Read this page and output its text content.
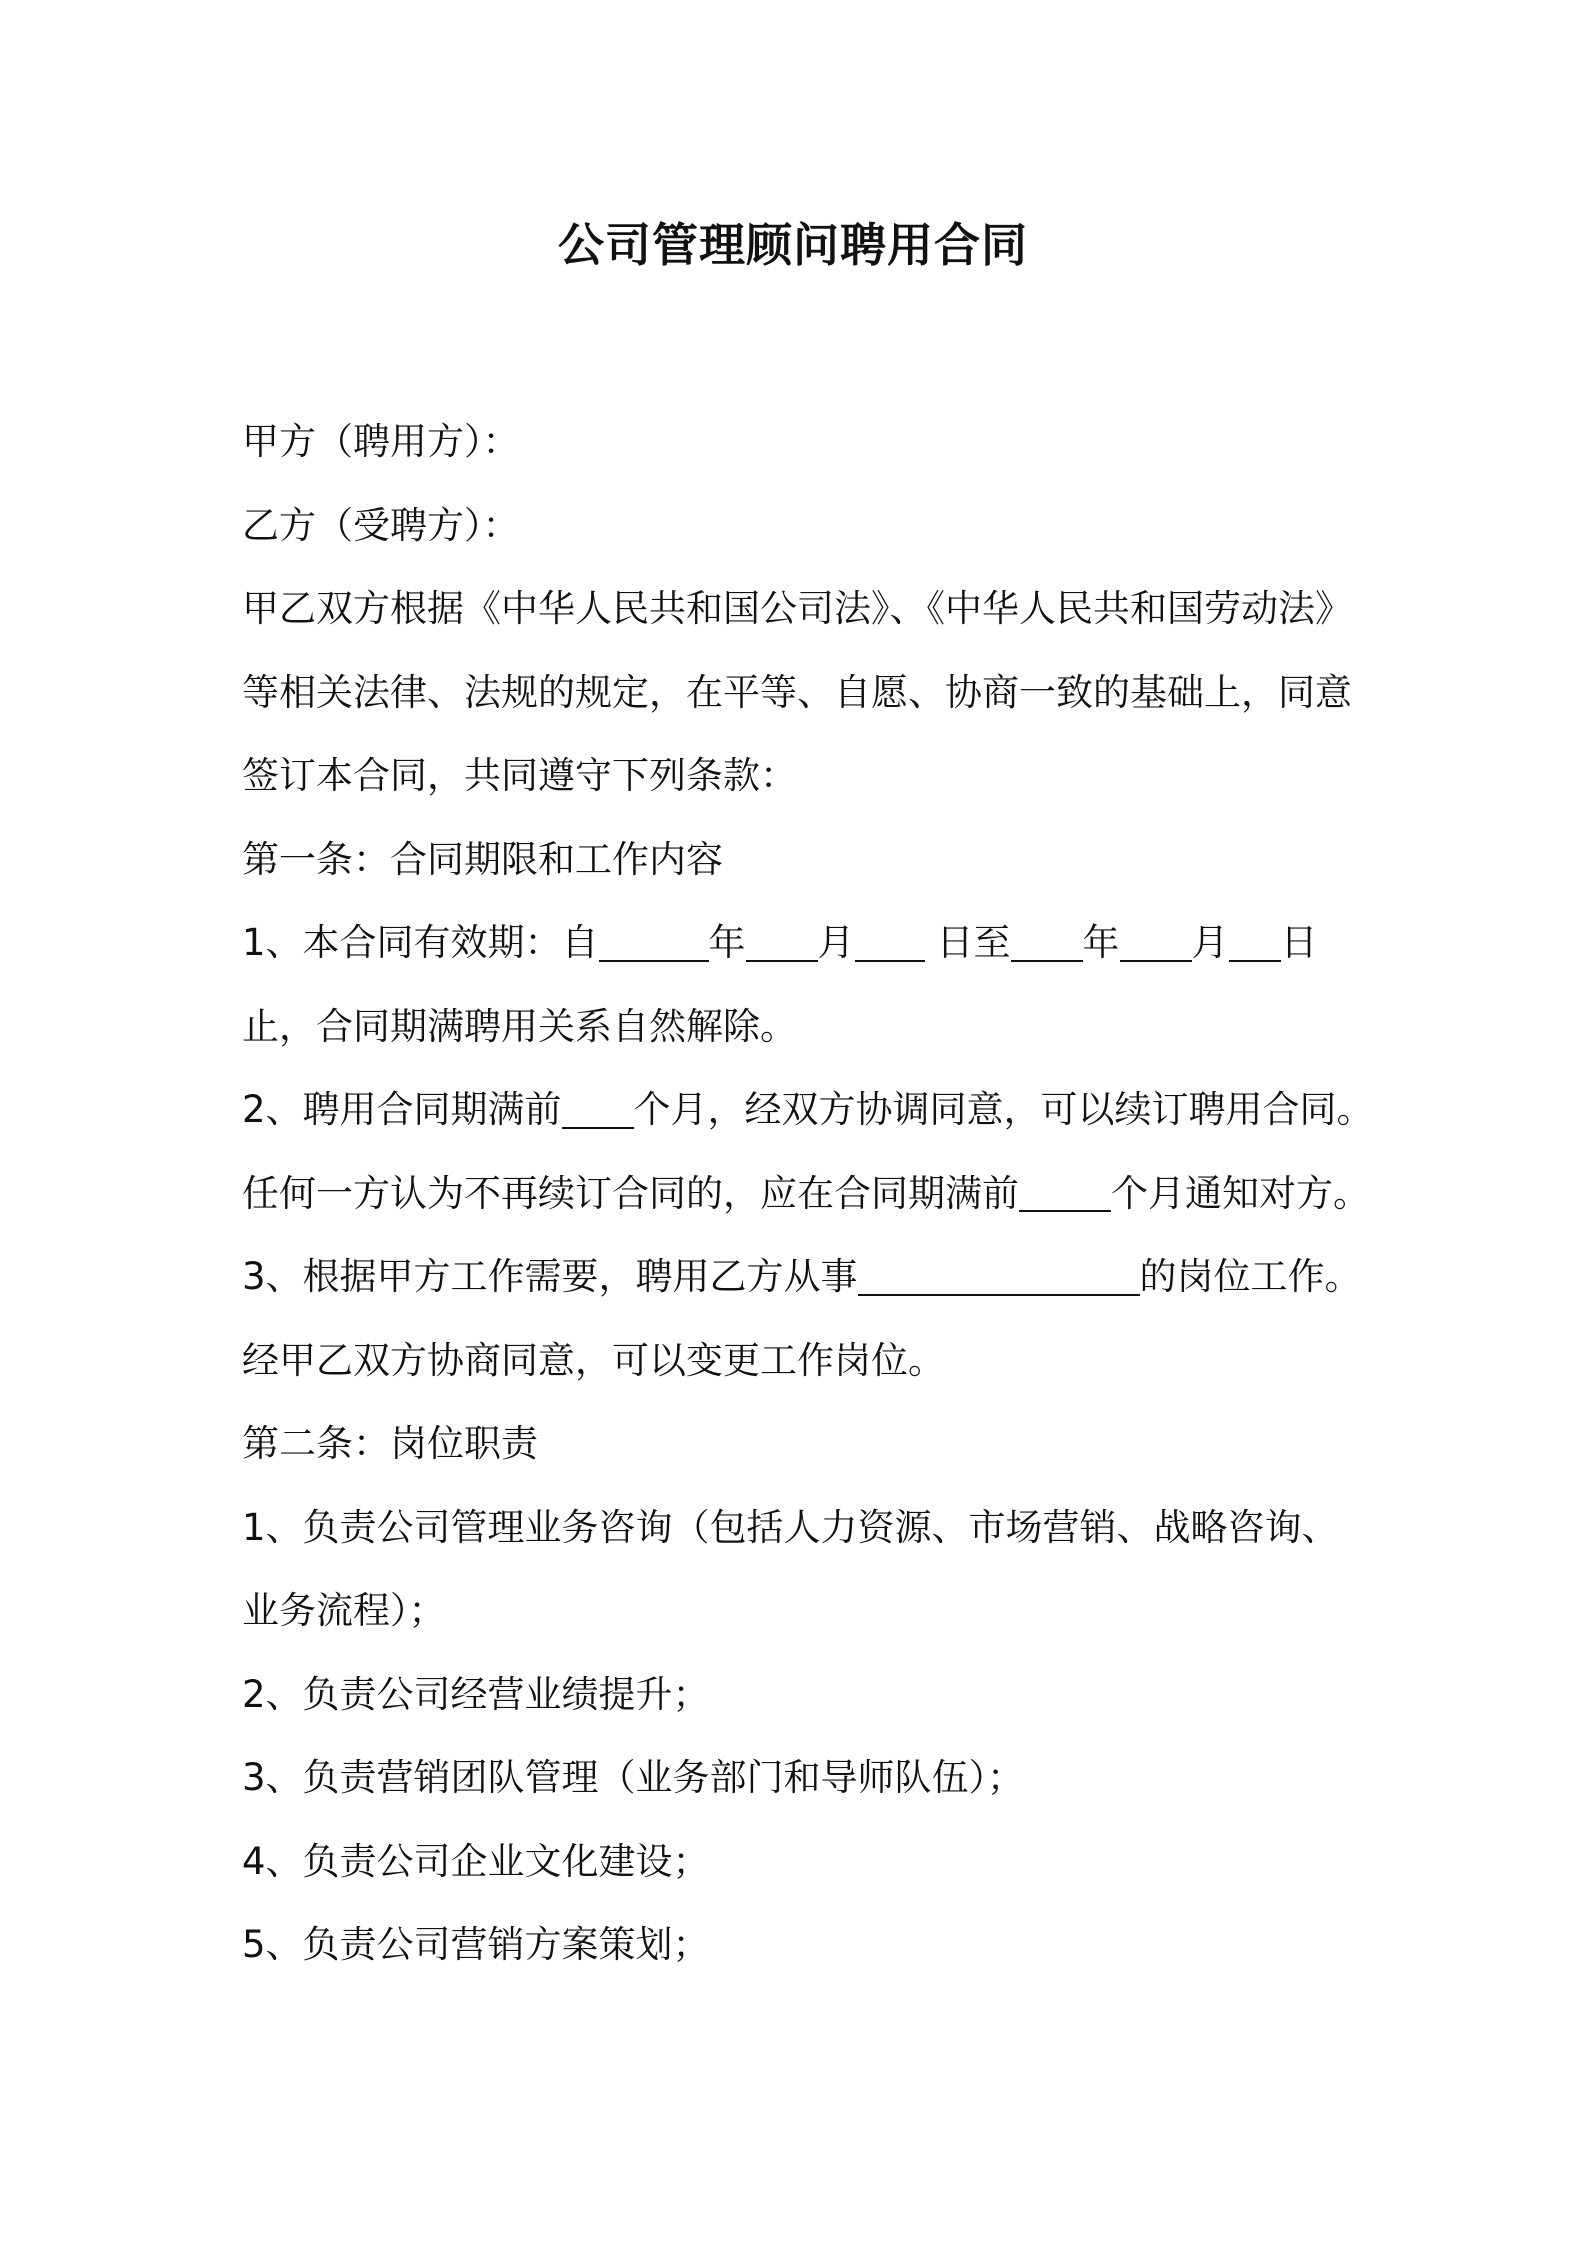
公司管理顾问聘用合同
甲方（聘用方）：
乙方（受聘方）：
甲乙双方根据《中华人民共和国公司法》、《中华人民共和国劳动法》
等相关法律、法规的规定，在平等、自愿、协商一致的基础上，同意
签订本合同，共同遵守下列条款：
第一条：合同期限和工作内容
1、本合同有效期：自	年 月 日至 年 月 日
止，合同期满聘用关系自然解除。
2、聘用合同期满前 个月，经双方协调同意，可以续订聘用合同。
任何一方认为不再续订合同的，应在合同期满前 个月通知对方。
3、根据甲方工作需要，聘用乙方从事	的岗位工作。
经甲乙双方协商同意，可以变更工作岗位。
第二条：岗位职责
1、负责公司管理业务咨询（包括人力资源、市场营销、战略咨询、
业务流程）；
2、负责公司经营业绩提升；
3、负责营销团队管理（业务部门和导师队伍）；
4、负责公司企业文化建设；
5、负责公司营销方案策划；
